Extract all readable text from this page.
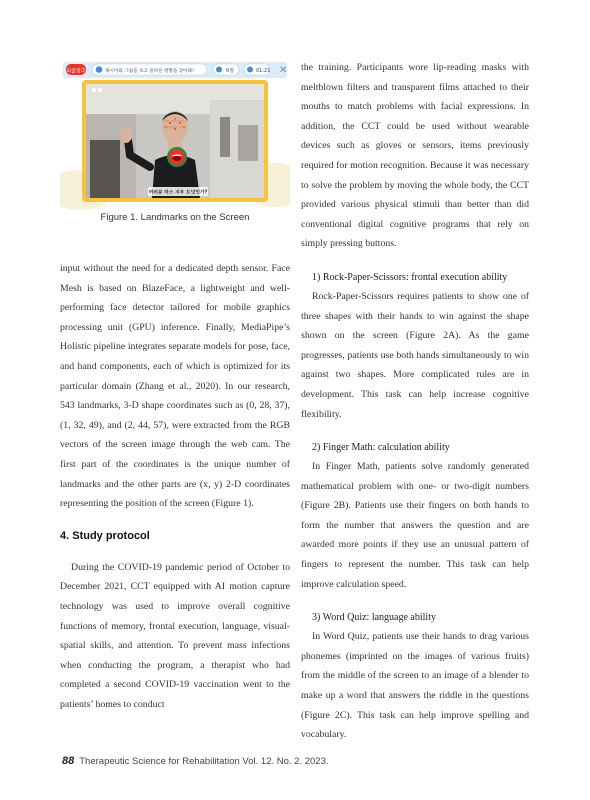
퍼즐맞추	제시어와 그림을 보고 올바른 방향을 찾아봐!	0점	01:21 ✕
여러분 마스 지우 도넛인가?
Figure 1. Landmarks on the Screen

input without the need for a dedicated depth sensor. Face Mesh is based on BlazeFace, a lightweight and well-performing face detector tailored for mobile graphics processing unit (GPU) inference. Finally, MediaPipe’s Holistic pipeline integrates separate models for pose, face, and hand components, each of which is optimized for its particular domain (Zhang et al., 2020). In our research, 543 landmarks, 3-D shape coordinates such as (0, 28, 37), (1, 32, 49), and (2, 44, 57), were extracted from the RGB vectors of the screen image through the web cam. The first part of the coordinates is the unique number of landmarks and the other parts are (x, y) 2-D coordinates representing the position of the screen (Figure 1).

4. Study protocol

During the COVID-19 pandemic period of October to December 2021, CCT equipped with AI motion capture technology was used to improve overall cognitive functions of memory, frontal execution, language, visual-spatial skills, and attention. To prevent mass infections when conducting the program, a therapist who had completed a second COVID-19 vaccination went to the patients’ homes to conduct

the training. Participants wore lip-reading masks with meltblown filters and transparent films attached to their mouths to match problems with facial expressions. In addition, the CCT could be used without wearable devices such as gloves or sensors, items previously required for motion recognition. Because it was necessary to solve the problem by moving the whole body, the CCT provided various physical stimuli than better than did conventional digital cognitive programs that rely on simply pressing buttons.

1) Rock-Paper-Scissors: frontal execution ability

Rock-Paper-Scissors requires patients to show one of three shapes with their hands to win against the shape shown on the screen (Figure 2A). As the game progresses, patients use both hands simultaneously to win against two shapes. More complicated rules are in development. This task can help increase cognitive flexibility.

2) Finger Math: calculation ability

In Finger Math, patients solve randomly generated mathematical problem with one- or two-digit numbers (Figure 2B). Patients use their fingers on both hands to form the number that answers the question and are awarded more points if they use an unusual pattern of fingers to represent the number. This task can help improve calculation speed.

3) Word Quiz: language ability

In Word Quiz, patients use their hands to drag various phonemes (imprinted on the images of various fruits) from the middle of the screen to an image of a blender to make up a word that answers the riddle in the questions (Figure 2C). This task can help improve spelling and vocabulary.

88 Therapeutic Science for Rehabilitation Vol. 12. No. 2. 2023.
